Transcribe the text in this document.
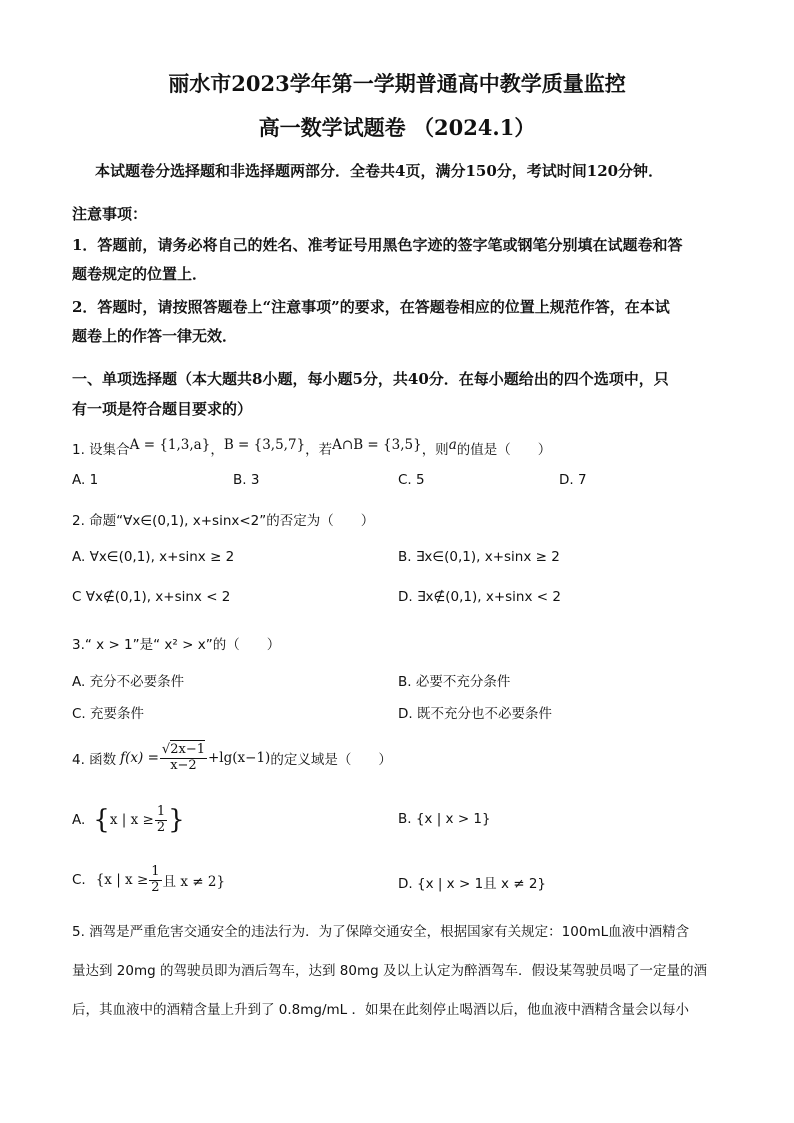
丽水市2023学年第一学期普通高中教学质量监控
高一数学试题卷 （2024.1）
本试题卷分选择题和非选择题两部分．全卷共4页，满分150分，考试时间120分钟．
注意事项：
1．答题前，请务必将自己的姓名、准考证号用黑色字迹的签字笔或钢笔分别填在试题卷和答
题卷规定的位置上．
2．答题时，请按照答题卷上“注意事项”的要求，在答题卷相应的位置上规范作答，在本试
题卷上的作答一律无效．
一、单项选择题（本大题共8小题，每小题5分，共40分．在每小题给出的四个选项中，只
有一项是符合题目要求的）
1. 设集合A = {1,3,a}，B = {3,5,7}，若A∩B = {3,5}，则a的值是（　　）
A. 1	B. 3	C. 5	D. 7
2. 命题“∀x∈(0,1), x+sinx<2”的否定为（　　）
A. ∀x∈(0,1), x+sinx ≥ 2	B. ∃x∈(0,1), x+sinx ≥ 2
C ∀x∉(0,1), x+sinx < 2	D. ∃x∉(0,1), x+sinx < 2
3.“ x > 1”是“ x² > x”的（　　）
A. 充分不必要条件	B. 必要不充分条件
C. 充要条件	D. 既不充分也不必要条件
4. 函数 $f(x) = \frac{√2x-1}{x-2} +\lg(x-1)$ 的定义域是（　　）
A. { x | $x \ge \frac{1}{2}$ }	B. {x | x > 1}
C. {x | $x \ge \frac{1}{2}$ 且 x ≠ 2}	D. {x | x > 1且 x ≠ 2}
5. 酒驾是严重危害交通安全的违法行为．为了保障交通安全，根据国家有关规定：100mL血液中酒精含
量达到 20mg 的驾驶员即为酒后驾车，达到 80mg 及以上认定为醉酒驾车．假设某驾驶员喝了一定量的酒
后，其血液中的酒精含量上升到了 0.8mg/mL ．如果在此刻停止喝酒以后，他血液中酒精含量会以每小
